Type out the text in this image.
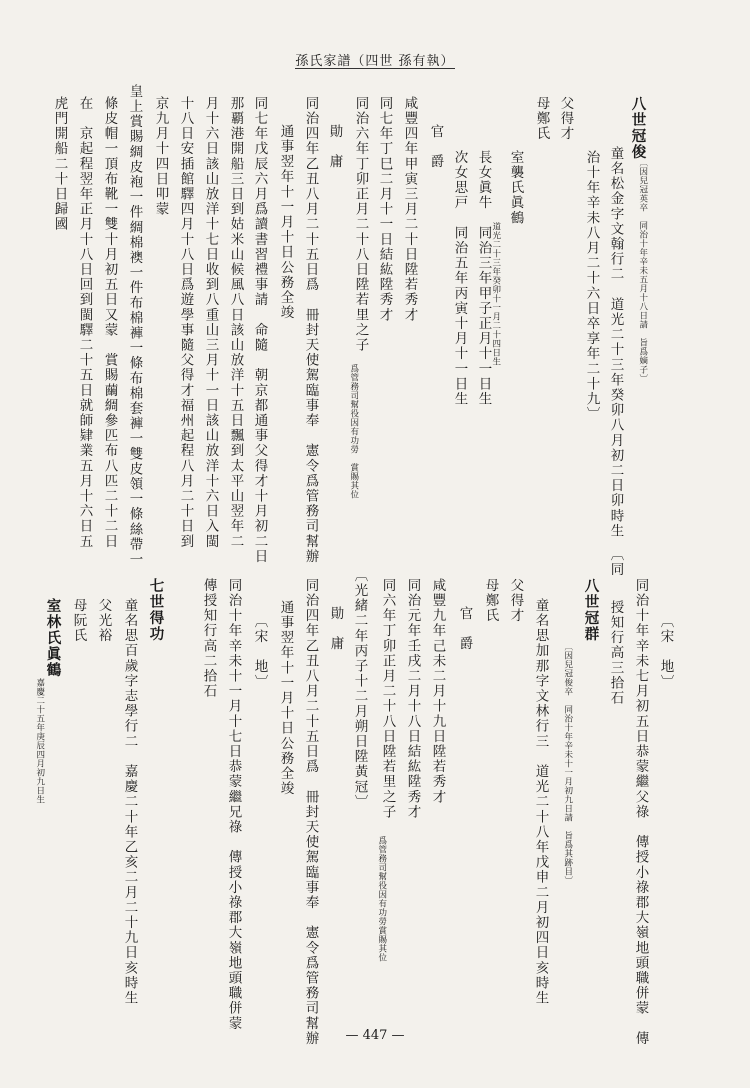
孫氏家譜（四世 孫有執）
八世冠俊
〔因兒冠英卒　同治十年辛未五月十八日請　旨爲嫡子〕
童名松金字文翰行二　道光二十三年癸卯八月初二日卯時生　〔同
治十年辛未八月二十六日卒享年二十九〕
父得才
母鄭氏
室襲氏眞鶴
道光二十三年癸卯十一月二十四日生
長女眞牛　同治三年甲子正月十一日生
次女思戸　同治五年丙寅十月十一日生
官　爵
咸豐四年甲寅三月二十日陞若秀才
同七年丁巳二月十一日結紘陞秀才
同治六年丁卯正月二十八日陞若里之子
爲管務司幫役因有功勞　賞賜其位
勛　庸
同治四年乙丑八月二十五日爲　冊封天使駕臨事奉　憲令爲管務司幫辦
通事翌年十一月十日公務全竣
同七年戊辰六月爲讀書習禮事請　命隨　朝京都通事父得才十月初二日
那覇港開船三日到姑米山候風八日該山放洋十五日飄到太平山翌年二
月十六日該山放洋十七日收到八重山三月十一日該山放洋十六日入閩
十八日安插館驛四月十八日爲遊學事隨父得才福州起程八月二十日到
京九月十四日叩蒙
皇上賞賜綢皮袍一件綢棉襖一件布棉褲一條布棉套褲一雙皮領一條絲帶一
條皮帽一頂布靴一雙十月初五日又蒙　賞賜繭綢參匹布八匹二十二日
在　京起程翌年正月十八日回到閩驛二十五日就師肄業五月十六日五
虎門開船二十日歸國
〔宋　地〕
同治十年辛未七月初五日恭蒙繼父祿　傳授小祿郡大嶺地頭職併蒙　傳
授知行高三拾石
八世冠群
〔因兒冠俊卒　同治十年辛未十一月初九日請　旨爲其跡目〕
童名思加那字文林行三　道光二十八年戊申二月初四日亥時生
父得才
母鄭氏
官　爵
咸豐九年己未二月十九日陞若秀才
同治元年壬戌二月十八日結紘陞秀才
同六年丁卯正月二十八日陞若里之子
爲管務司幫役因有功勞賞賜其位
〔光緒二年丙子十二月朔日陞黃冠〕
勛　庸
同治四年乙丑八月二十五日爲　冊封天使駕臨事奉　憲令爲管務司幫辦
通事翌年十一月十日公務全竣
〔宋　地〕
同治十年辛未十一月十七日恭蒙繼兄祿　傳授小祿郡大嶺地頭職併蒙
傳授知行高二拾石
七世得功
童名思百歲字志學行二　嘉慶二十年乙亥二月二十九日亥時生
父光裕
母阮氏
室林氏眞鶴
嘉慶二十五年庚辰四月初九日生
— 447 —
